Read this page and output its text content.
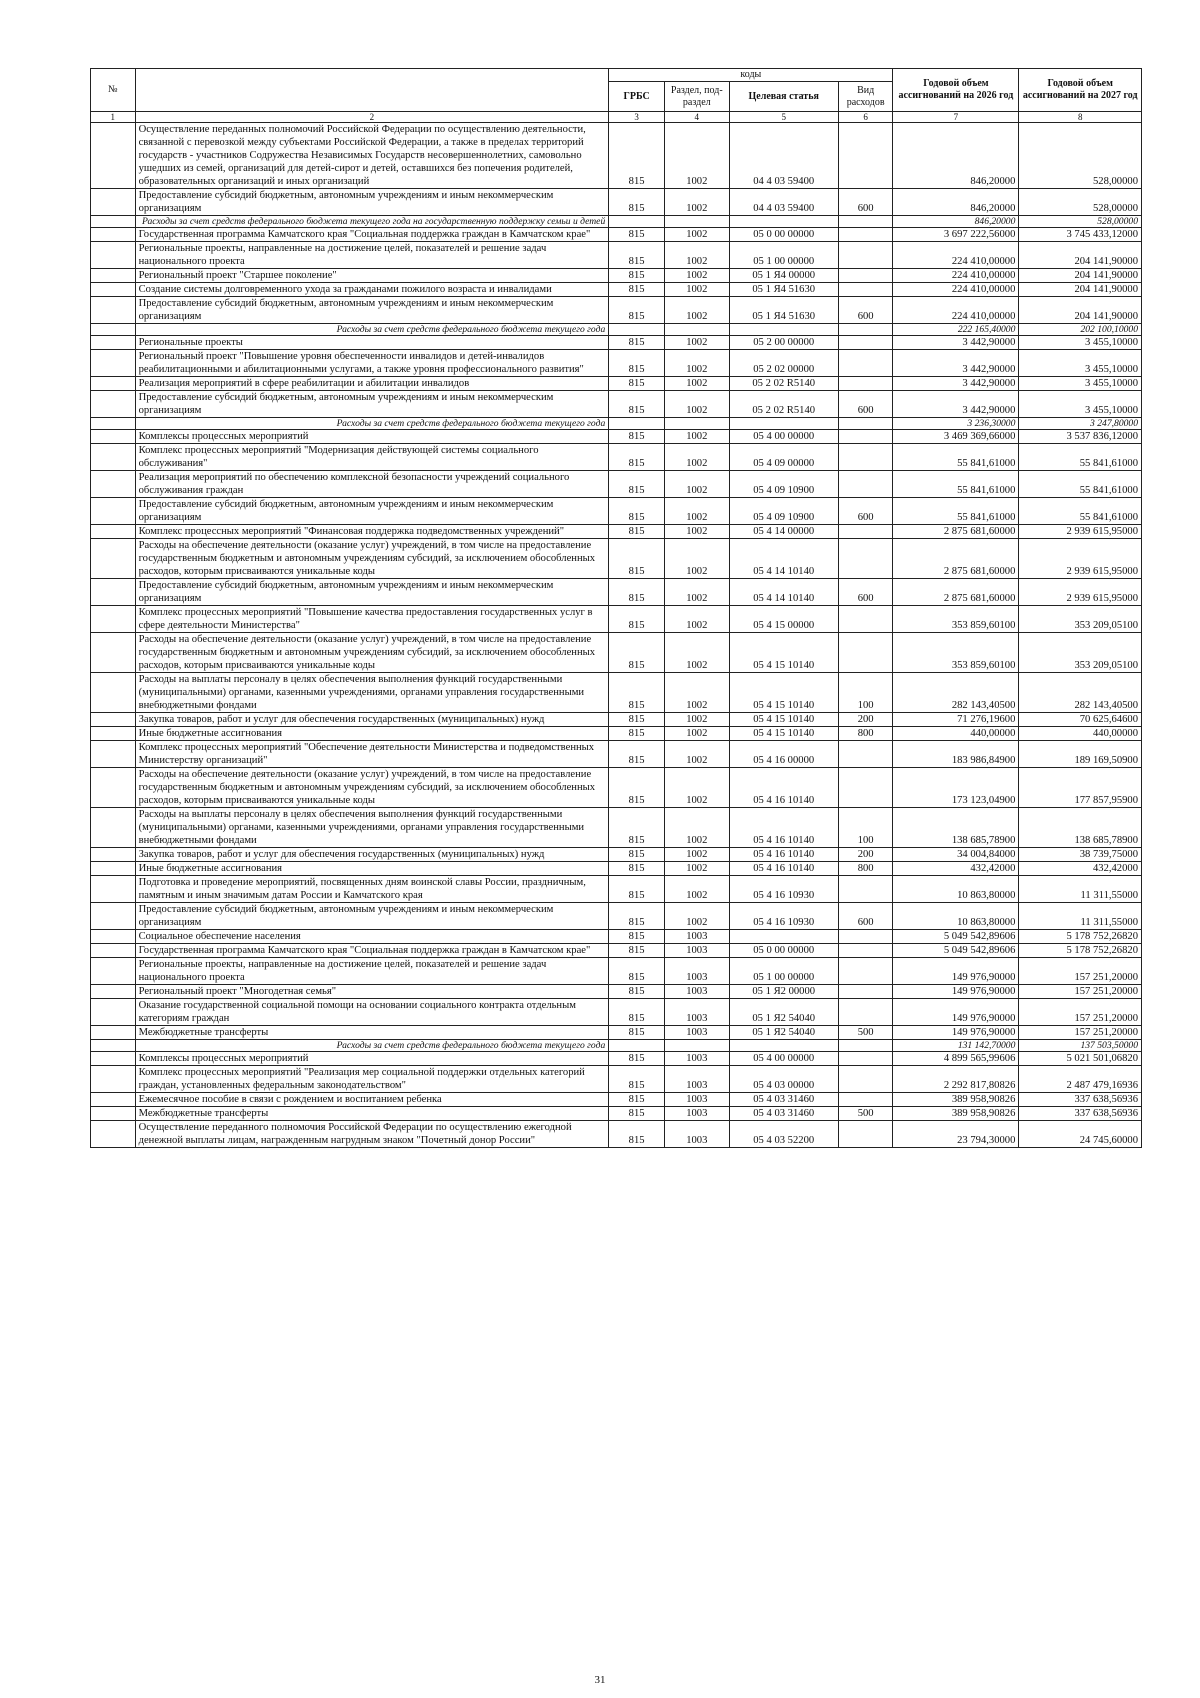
№		коды				Годовой объем ассигнований на 2026 год	Годовой объем ассигнований на 2027 год
		ГРБС	Раздел, под-раздел	Целевая статья	Вид расходов		
1	2	3	4	5	6	7	8
	Осуществление переданных полномочий Российской Федерации по осуществлению деятельности, связанной с перевозкой между субъектами Российской Федерации, а также в пределах территорий государств - участников Содружества Независимых Государств несовершеннолетних, самовольно ушедших из семей, организаций для детей-сирот и детей, оставшихся без попечения родителей, образовательных организаций и иных организаций	815	1002	04 4 03 59400		846,20000	528,00000
	Предоставление субсидий бюджетным, автономным учреждениям и иным некоммерческим организациям	815	1002	04 4 03 59400	600	846,20000	528,00000
	Расходы за счет средств федерального бюджета текущего года на государственную поддержку семьи и детей					846,20000	528,00000
	Государственная программа Камчатского края "Социальная поддержка граждан в Камчатском крае"	815	1002	05 0 00 00000		3 697 222,56000	3 745 433,12000
	Региональные проекты, направленные на достижение целей, показателей и решение задач национального проекта	815	1002	05 1 00 00000		224 410,00000	204 141,90000
	Региональный проект "Старшее поколение"	815	1002	05 1 Я4 00000		224 410,00000	204 141,90000
	Создание системы долговременного ухода за гражданами пожилого возраста и инвалидами	815	1002	05 1 Я4 51630		224 410,00000	204 141,90000
	Предоставление субсидий бюджетным, автономным учреждениям и иным некоммерческим организациям	815	1002	05 1 Я4 51630	600	224 410,00000	204 141,90000
	Расходы за счет средств федерального бюджета текущего года					222 165,40000	202 100,10000
	Региональные проекты	815	1002	05 2 00 00000		3 442,90000	3 455,10000
	Региональный проект "Повышение уровня обеспеченности инвалидов и детей-инвалидов реабилитационными и абилитационными услугами, а также уровня профессионального развития"	815	1002	05 2 02 00000		3 442,90000	3 455,10000
	Реализация мероприятий в сфере реабилитации и абилитации инвалидов	815	1002	05 2 02 R5140		3 442,90000	3 455,10000
	Предоставление субсидий бюджетным, автономным учреждениям и иным некоммерческим организациям	815	1002	05 2 02 R5140	600	3 442,90000	3 455,10000
	Расходы за счет средств федерального бюджета текущего года					3 236,30000	3 247,80000
	Комплексы процессных мероприятий	815	1002	05 4 00 00000		3 469 369,66000	3 537 836,12000
	Комплекс процессных мероприятий "Модернизация действующей системы социального обслуживания"	815	1002	05 4 09 00000		55 841,61000	55 841,61000
	Реализация мероприятий по обеспечению комплексной безопасности учреждений социального обслуживания граждан	815	1002	05 4 09 10900		55 841,61000	55 841,61000
	Предоставление субсидий бюджетным, автономным учреждениям и иным некоммерческим организациям	815	1002	05 4 09 10900	600	55 841,61000	55 841,61000
	Комплекс процессных мероприятий "Финансовая поддержка подведомственных учреждений"	815	1002	05 4 14 00000		2 875 681,60000	2 939 615,95000
	Расходы на обеспечение деятельности (оказание услуг) учреждений, в том числе на предоставление государственным бюджетным и автономным учреждениям субсидий, за исключением обособленных расходов, которым присваиваются уникальные коды	815	1002	05 4 14 10140		2 875 681,60000	2 939 615,95000
	Предоставление субсидий бюджетным, автономным учреждениям и иным некоммерческим организациям	815	1002	05 4 14 10140	600	2 875 681,60000	2 939 615,95000
	Комплекс процессных мероприятий "Повышение качества предоставления государственных услуг в сфере деятельности Министерства"	815	1002	05 4 15 00000		353 859,60100	353 209,05100
	Расходы на обеспечение деятельности (оказание услуг) учреждений, в том числе на предоставление государственным бюджетным и автономным учреждениям субсидий, за исключением обособленных расходов, которым присваиваются уникальные коды	815	1002	05 4 15 10140		353 859,60100	353 209,05100
	Расходы на выплаты персоналу в целях обеспечения выполнения функций государственными (муниципальными) органами, казенными учреждениями, органами управления государственными внебюджетными фондами	815	1002	05 4 15 10140	100	282 143,40500	282 143,40500
	Закупка товаров, работ и услуг для обеспечения государственных (муниципальных) нужд	815	1002	05 4 15 10140	200	71 276,19600	70 625,64600
	Иные бюджетные ассигнования	815	1002	05 4 15 10140	800	440,00000	440,00000
	Комплекс процессных мероприятий "Обеспечение деятельности Министерства и подведомственных Министерству организаций"	815	1002	05 4 16 00000		183 986,84900	189 169,50900
	Расходы на обеспечение деятельности (оказание услуг) учреждений, в том числе на предоставление государственным бюджетным и автономным учреждениям субсидий, за исключением обособленных расходов, которым присваиваются уникальные коды	815	1002	05 4 16 10140		173 123,04900	177 857,95900
	Расходы на выплаты персоналу в целях обеспечения выполнения функций государственными (муниципальными) органами, казенными учреждениями, органами управления государственными внебюджетными фондами	815	1002	05 4 16 10140	100	138 685,78900	138 685,78900
	Закупка товаров, работ и услуг для обеспечения государственных (муниципальных) нужд	815	1002	05 4 16 10140	200	34 004,84000	38 739,75000
	Иные бюджетные ассигнования	815	1002	05 4 16 10140	800	432,42000	432,42000
	Подготовка и проведение мероприятий, посвященных дням воинской славы России, праздничным, памятным и иным значимым датам России и Камчатского края	815	1002	05 4 16 10930		10 863,80000	11 311,55000
	Предоставление субсидий бюджетным, автономным учреждениям и иным некоммерческим организациям	815	1002	05 4 16 10930	600	10 863,80000	11 311,55000
	Социальное обеспечение населения	815	1003			5 049 542,89606	5 178 752,26820
	Государственная программа Камчатского края "Социальная поддержка граждан в Камчатском крае"	815	1003	05 0 00 00000		5 049 542,89606	5 178 752,26820
	Региональные проекты, направленные на достижение целей, показателей и решение задач национального проекта	815	1003	05 1 00 00000		149 976,90000	157 251,20000
	Региональный проект "Многодетная семья"	815	1003	05 1 Я2 00000		149 976,90000	157 251,20000
	Оказание государственной социальной помощи на основании социального контракта отдельным категориям граждан	815	1003	05 1 Я2 54040		149 976,90000	157 251,20000
	Межбюджетные трансферты	815	1003	05 1 Я2 54040	500	149 976,90000	157 251,20000
	Расходы за счет средств федерального бюджета текущего года					131 142,70000	137 503,50000
	Комплексы процессных мероприятий	815	1003	05 4 00 00000		4 899 565,99606	5 021 501,06820
	Комплекс процессных мероприятий "Реализация мер социальной поддержки отдельных категорий граждан, установленных федеральным законодательством"	815	1003	05 4 03 00000		2 292 817,80826	2 487 479,16936
	Ежемесячное пособие в связи с рождением и воспитанием ребенка	815	1003	05 4 03 31460		389 958,90826	337 638,56936
	Межбюджетные трансферты	815	1003	05 4 03 31460	500	389 958,90826	337 638,56936
	Осуществление переданного полномочия Российской Федерации по осуществлению ежегодной денежной выплаты лицам, награжденным нагрудным знаком "Почетный донор России"	815	1003	05 4 03 52200		23 794,30000	24 745,60000
31
